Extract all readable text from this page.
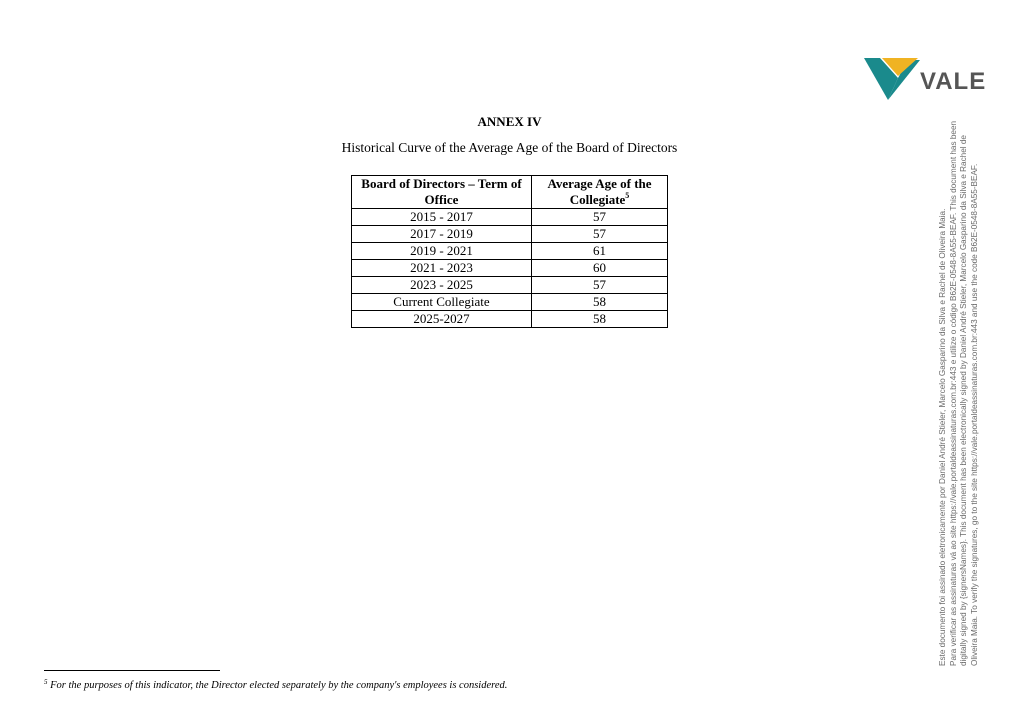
VALE
ANNEX IV
Historical Curve of the Average Age of the Board of Directors
Board of Directors – Term of Office	Average Age of the Collegiate$^5$
2015 - 2017	57
2017 - 2019	57
2019 - 2021	61
2021 - 2023	60
2023 - 2025	57
Current Collegiate	58
2025-2027	58
$^5$ For the purposes of this indicator, the Director elected separately by the company's employees is considered.
Este documento foi assinado eletronicamente por Daniel André Stieler, Marcelo Gasparino da Silva e Rachel de Oliveira Maia. Para verificar as assinaturas vá ao site https://vale.portaldeassinaturas.com.br:443 e utilize o código B62E-0548-8A55-BEAF. This document has been digitally signed by {signersNames}. This document has been electronically signed by Daniel André Stieler, Marcelo Gasparino da Silva e Rachel de Oliveira Maia. To verify the signatures, go to the site https://vale.portaldeassinaturas.com.br:443 and use the code B62E-0548-8A55-BEAF.
